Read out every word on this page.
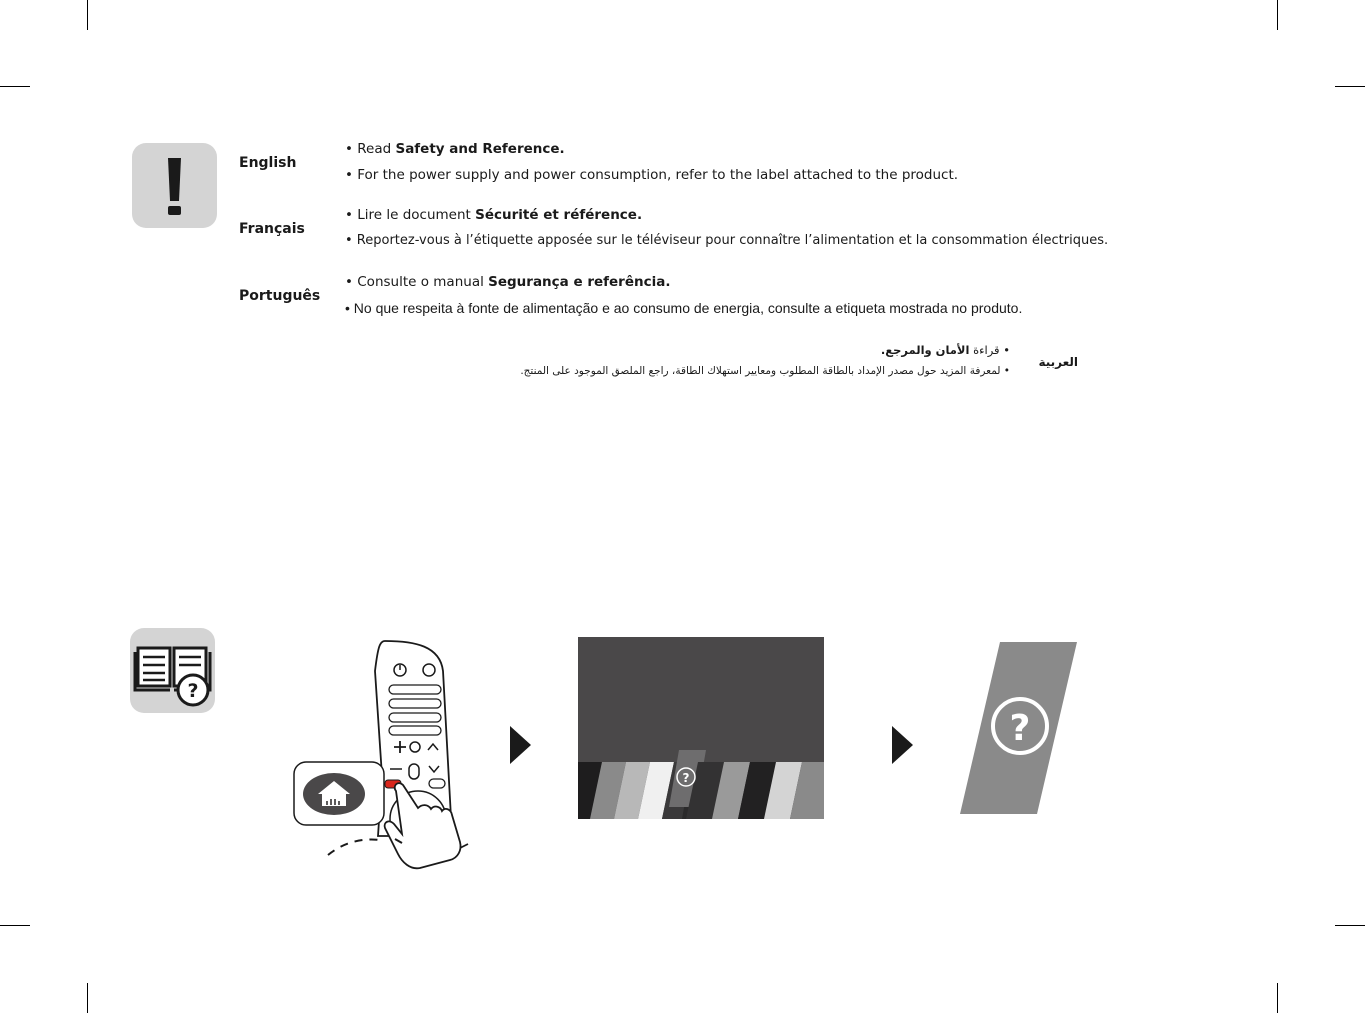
English
• Read Safety and Reference.
• For the power supply and power consumption, refer to the label attached to the product.
Français
• Lire le document Sécurité et référence.
• Reportez-vous à l’étiquette apposée sur le téléviseur pour connaître l’alimentation et la consommation électriques.
Português
• Consulte o manual Segurança e referência.
• No que respeita à fonte de alimentação e ao consumo de energia, consulte a etiqueta mostrada no produto.
العربية
• قراءة الأمان والمرجع.
• لمعرفة المزيد حول مصدر الإمداد بالطاقة المطلوب ومعايير استهلاك الطاقة، راجع الملصق الموجود على المنتج.
?
?
?
